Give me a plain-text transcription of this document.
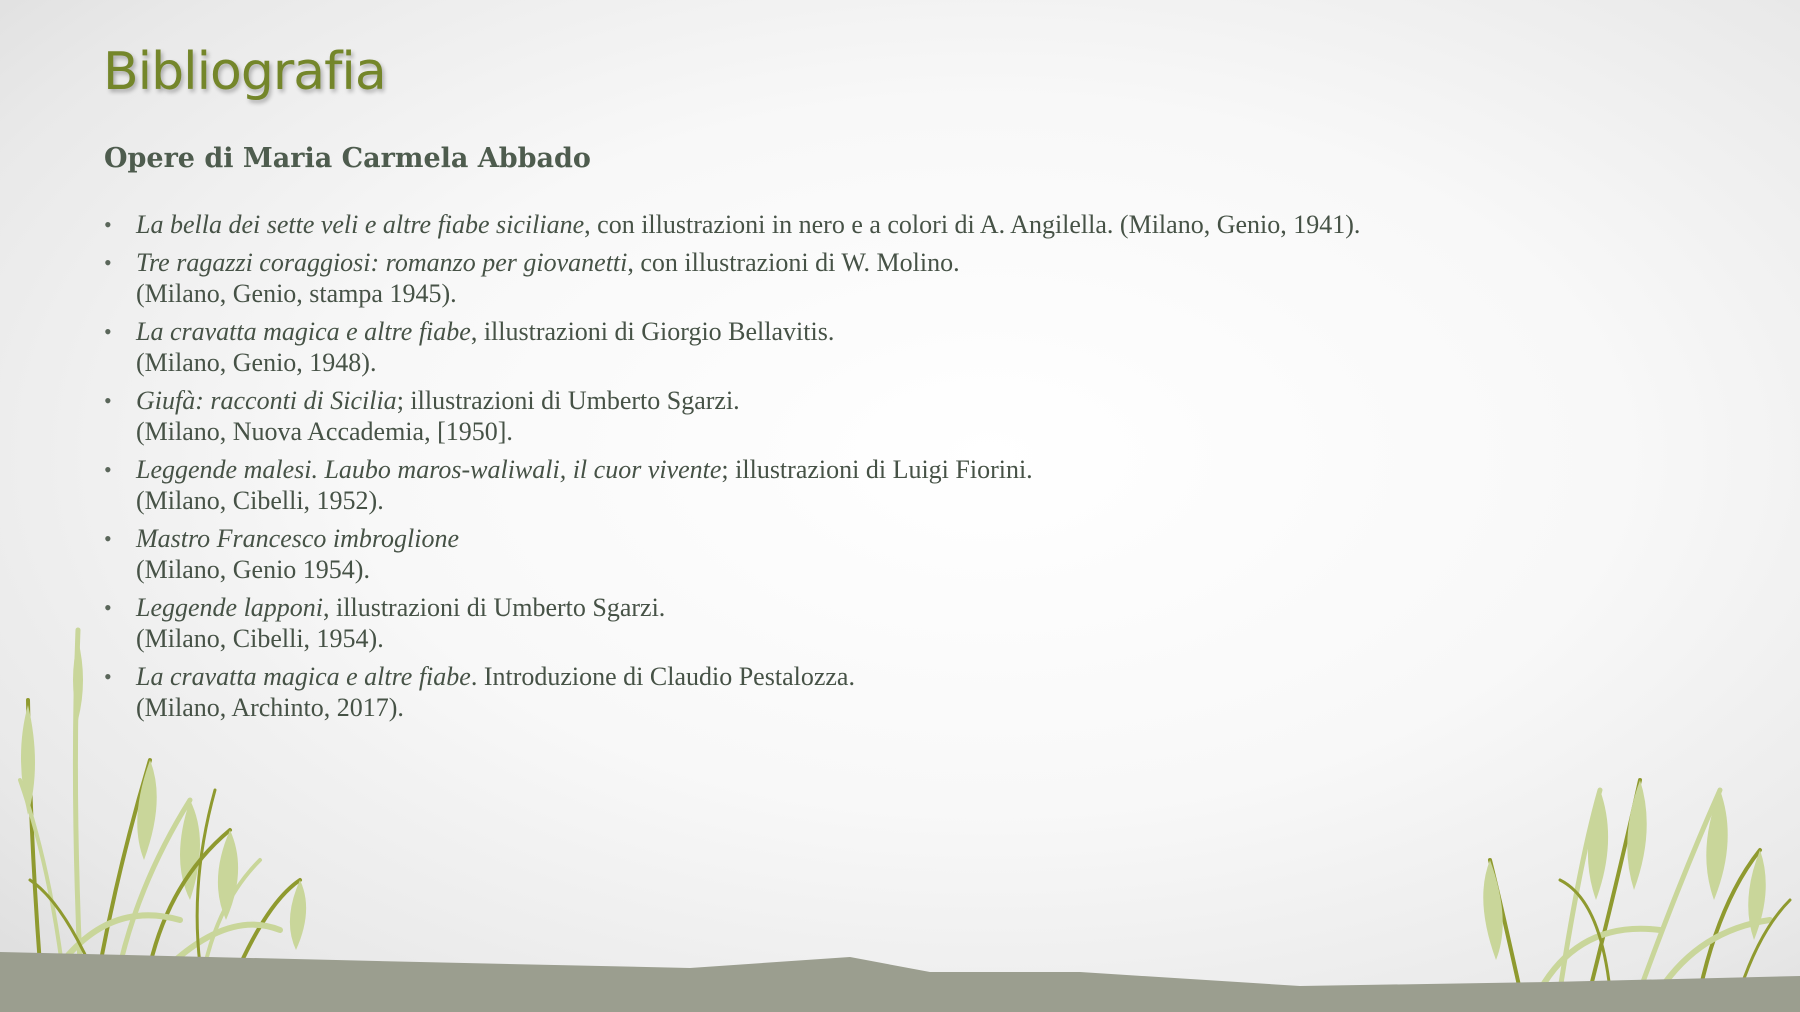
Bibliografia
Opere di Maria Carmela Abbado
• La bella dei sette veli e altre fiabe siciliane, con illustrazioni in nero e a colori di A. Angilella. (Milano, Genio, 1941).
• Tre ragazzi coraggiosi: romanzo per giovanetti, con illustrazioni di W. Molino.
(Milano, Genio, stampa 1945).
• La cravatta magica e altre fiabe, illustrazioni di Giorgio Bellavitis.
(Milano, Genio, 1948).
• Giufà: racconti di Sicilia; illustrazioni di Umberto Sgarzi.
(Milano, Nuova Accademia, [1950].
• Leggende malesi. Laubo maros-waliwali, il cuor vivente; illustrazioni di Luigi Fiorini.
(Milano, Cibelli, 1952).
• Mastro Francesco imbroglione
(Milano, Genio 1954).
• Leggende lapponi, illustrazioni di Umberto Sgarzi.
(Milano, Cibelli, 1954).
• La cravatta magica e altre fiabe. Introduzione di Claudio Pestalozza.
(Milano, Archinto, 2017).
